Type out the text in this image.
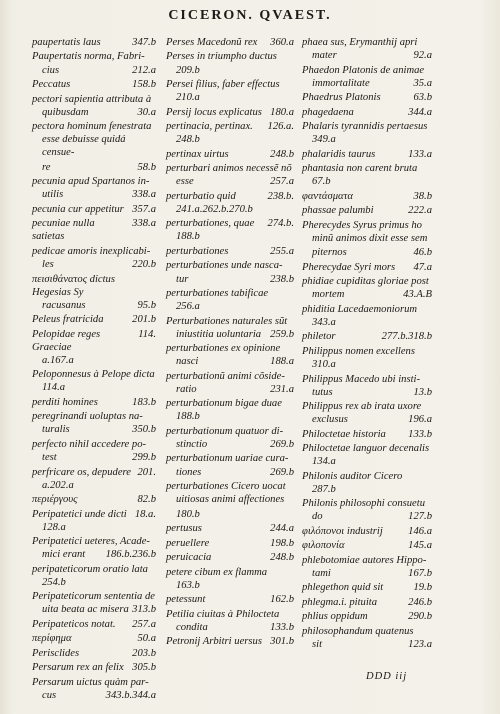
CICERON. QVAEST.
347.b
paupertatis laus
Paupertatis norma, Fabri-
212.a
cius
158.b
Peccatus
pectori sapientia attributa à
30.a
quibusdam
pectora hominum fenestrata
esse debuisse quidá censue-
58.b
re
pecunia apud Spartanos in-
338.a
utilis
357.a
pecunia cur appetitur
338.a
pecuniae nulla satietas
pedicae amoris inexplicabi-
220.b
les
πεισιθάνατος dictus Hegesias Sy
95.b
racusanus
201.b
Peleus fratricida
114.
Pelopidae reges Graeciae
a.167.a
Peloponnesus à Pelope dicta
114.a
183.b
perditi homines
peregrinandi uoluptas na-
350.b
turalis
perfecto nihil accedere po-
299.b
test
201.
perfricare os, depudere
a.202.a
82.b
περιέργους
18.a.
Peripatetici unde dicti
128.a
Peripatetici ueteres, Acade-
186.b.236.b
mici erant
peripateticorum oratio lata
254.b
Peripateticorum sententia de
313.b
uita beata ac misera
257.a
Peripateticos notat.
50.a
περίφημα
203.b
Perisclides
305.b
Persarum rex an felix
Persarum uictus quàm par-
343.b.344.a
cus
360.a
Perses Macedonũ rex
Perses in triumpho ductus
209.b
Persei filius, faber effectus
210.a
180.a
Persij locus explicatus
126.a.
pertinacia, pertinax.
248.b
248.b
pertinax uirtus
perturbari animos necessẽ nõ
257.a
esse
238.b.
perturbatio quid
241.a.262.b.270.b
274.b.
perturbationes, quae
188.b
255.a
perturbationes
perturbationes unde nasca-
238.b
tur
perturbationes tabificae
256.a
Perturbationes naturales sũt
259.b
iniustitia uoluntaria
perturbationes ex opinione
188.a
nasci
perturbationũ animi cõside-
231.a
ratio
perturbationum bigae duae
188.b
perturbationum quatuor di-
269.b
stinctio
perturbationum uariae cura-
269.b
tiones
perturbationes Cicero uocat
uitiosas animi affectiones
180.b
244.a
pertusus
198.b
peruellere
248.b
peruicacia
petere cibum ex flamma
163.b
162.b
petessunt
Petilia ciuitas à Philocteta
133.b
condita
301.b
Petronij Arbitri uersus
phaea sus, Erymanthij apri
92.a
mater
Phaedon Platonis de animae
35.a
immortalitate
63.b
Phaedrus Platonis
344.a
phagedaena
Phalaris tyrannidis pertaesus
349.a
133.a
phalaridis taurus
phantasia non carent bruta
67.b
38.b
φαντάσματα
222.a
phassae palumbi
Pherecydes Syrus primus ho
minũ animos dixit esse sem
46.b
piternos
47.a
Pherecydae Syri mors
phidiae cupiditas gloriae post
43.A.B
mortem
phiditia Lacedaemoniorum
343.a
277.b.318.b
philetor
Philippus nomen excellens
310.a
Philippus Macedo ubi insti-
13.b
tutus
Philippus rex ab irata uxore
196.a
exclusus
133.b
Philoctetae historia
Philoctetae languor decenalis
134.a
Philonis auditor Cicero
287.b
Philonis philosophi consuetu
127.b
do
146.a
φιλόπονοι industrij
145.a
φιλοπονία
phlebotomiae autores Hippo-
167.b
tami
19.b
phlegethon quid sit
246.b
phlegma.i. pituita
290.b
phlius oppidum
philosophandum quatenus
123.a
sit
DDD iij
